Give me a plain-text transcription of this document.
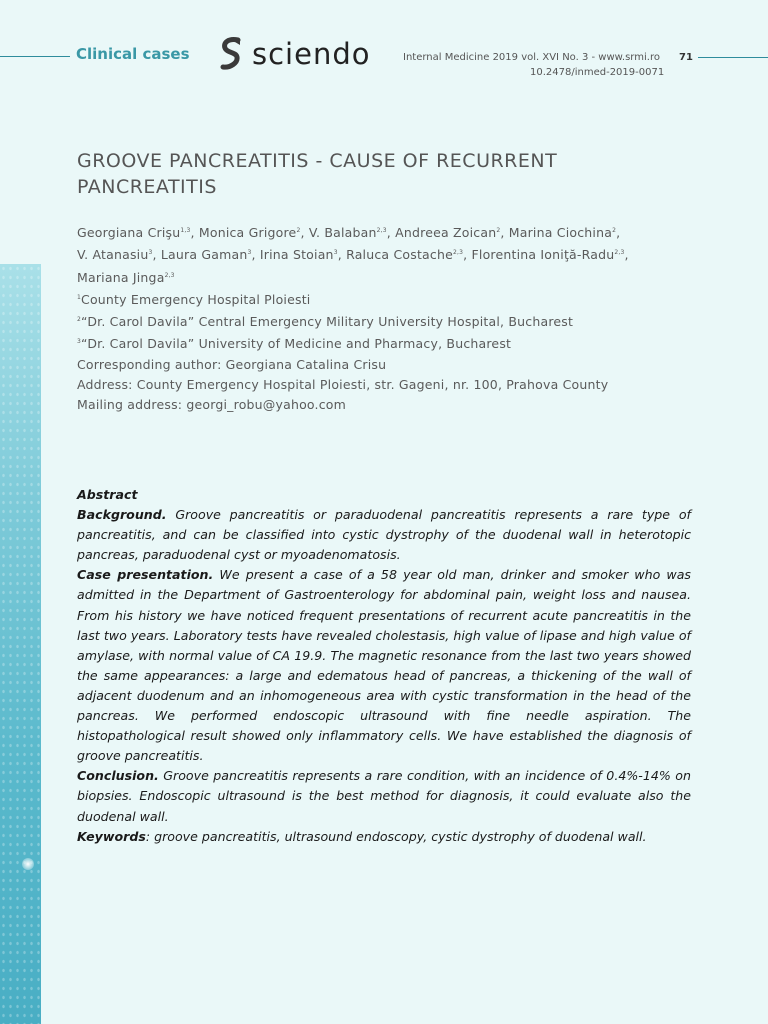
Clinical cases sciendo	Internal Medicine 2019 vol. XVI No. 3 - www.srmi.ro 71
10.2478/inmed-2019-0071
GROOVE PANCREATITIS - CAUSE OF RECURRENT
PANCREATITIS
Georgiana Crişu$^{1,3}$, Monica Grigore$^2$, V. Balaban$^{2,3}$, Andreea Zoican$^2$, Marina Ciochina$^2$,
V. Atanasiu$^3$, Laura Gaman$^3$, Irina Stoian$^3$, Raluca Costache$^{2,3}$, Florentina Ioniţă-Radu$^{2,3}$,
Mariana Jinga$^{2,3}$
$^1$County Emergency Hospital Ploiesti
$^2$“Dr. Carol Davila” Central Emergency Military University Hospital, Bucharest
$^3$“Dr. Carol Davila” University of Medicine and Pharmacy, Bucharest
Corresponding author: Georgiana Catalina Crisu
Address: County Emergency Hospital Ploiesti, str. Gageni, nr. 100, Prahova County
Mailing address: georgi_robu@yahoo.com

Abstract

Background. Groove pancreatitis or paraduodenal pancreatitis represents a rare type of pancreatitis, and can be classified into cystic dystrophy of the duodenal wall in heterotopic pancreas, paraduodenal cyst or myoadenomatosis.

Case presentation. We present a case of a 58 year old man, drinker and smoker who was admitted in the Department of Gastroenterology for abdominal pain, weight loss and nausea. From his history we have noticed frequent presentations of recurrent acute pancreatitis in the last two years. Laboratory tests have revealed cholestasis, high value of lipase and high value of amylase, with normal value of CA 19.9. The magnetic resonance from the last two years showed the same appearances: a large and edematous head of pancreas, a thickening of the wall of adjacent duodenum and an inhomogeneous area with cystic transformation in the head of the pancreas. We performed endoscopic ultrasound with fine needle aspiration. The histopathological result showed only inflammatory cells. We have established the diagnosis of groove pancreatitis.

Conclusion. Groove pancreatitis represents a rare condition, with an incidence of 0.4%-14% on biopsies. Endoscopic ultrasound is the best method for diagnosis, it could evaluate also the duodenal wall.

Keywords: groove pancreatitis, ultrasound endoscopy, cystic dystrophy of duodenal wall.
